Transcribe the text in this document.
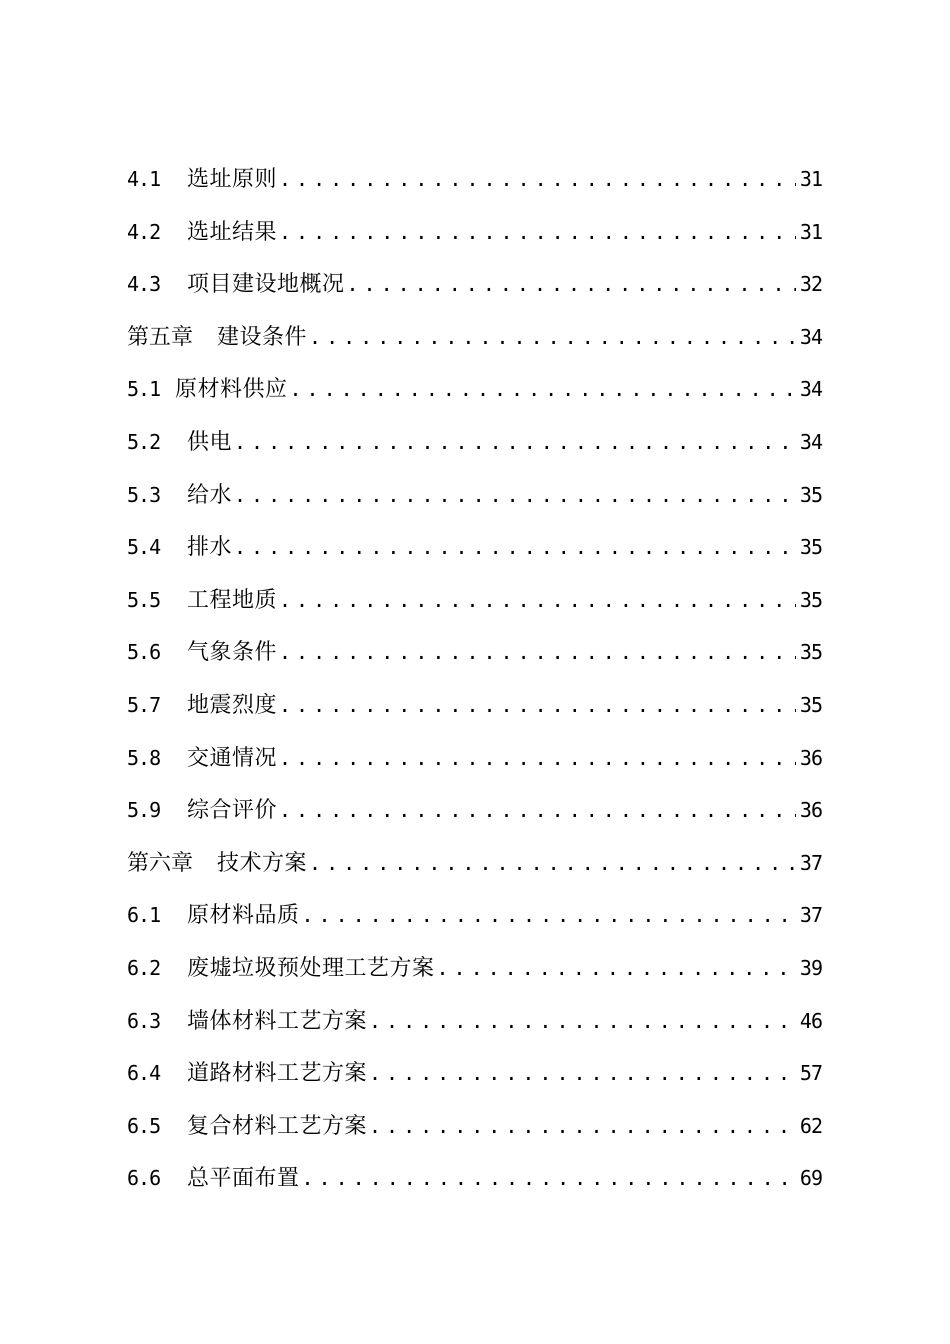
4.1	选址原则 .....	31
4.2	选址结果 .....	31
4.3	项目建设地概况 .....	32
第五章 建设条件 .....	34
5.1 原材料供应 .....	34
5.2	供电 .....	34
5.3	给水 .....	35
5.4	排水 .....	35
5.5	工程地质 .....	35
5.6	气象条件 .....	35
5.7	地震烈度 .....	35
5.8	交通情况 .....	36
5.9	综合评价 .....	36
第六章 技术方案 .....	37
6.1	原材料品质 .....	37
6.2	废墟垃圾预处理工艺方案 .....	39
6.3	墙体材料工艺方案 .....	46
6.4	道路材料工艺方案 .....	57
6.5	复合材料工艺方案 .....	62
6.6	总平面布置 .....	69
